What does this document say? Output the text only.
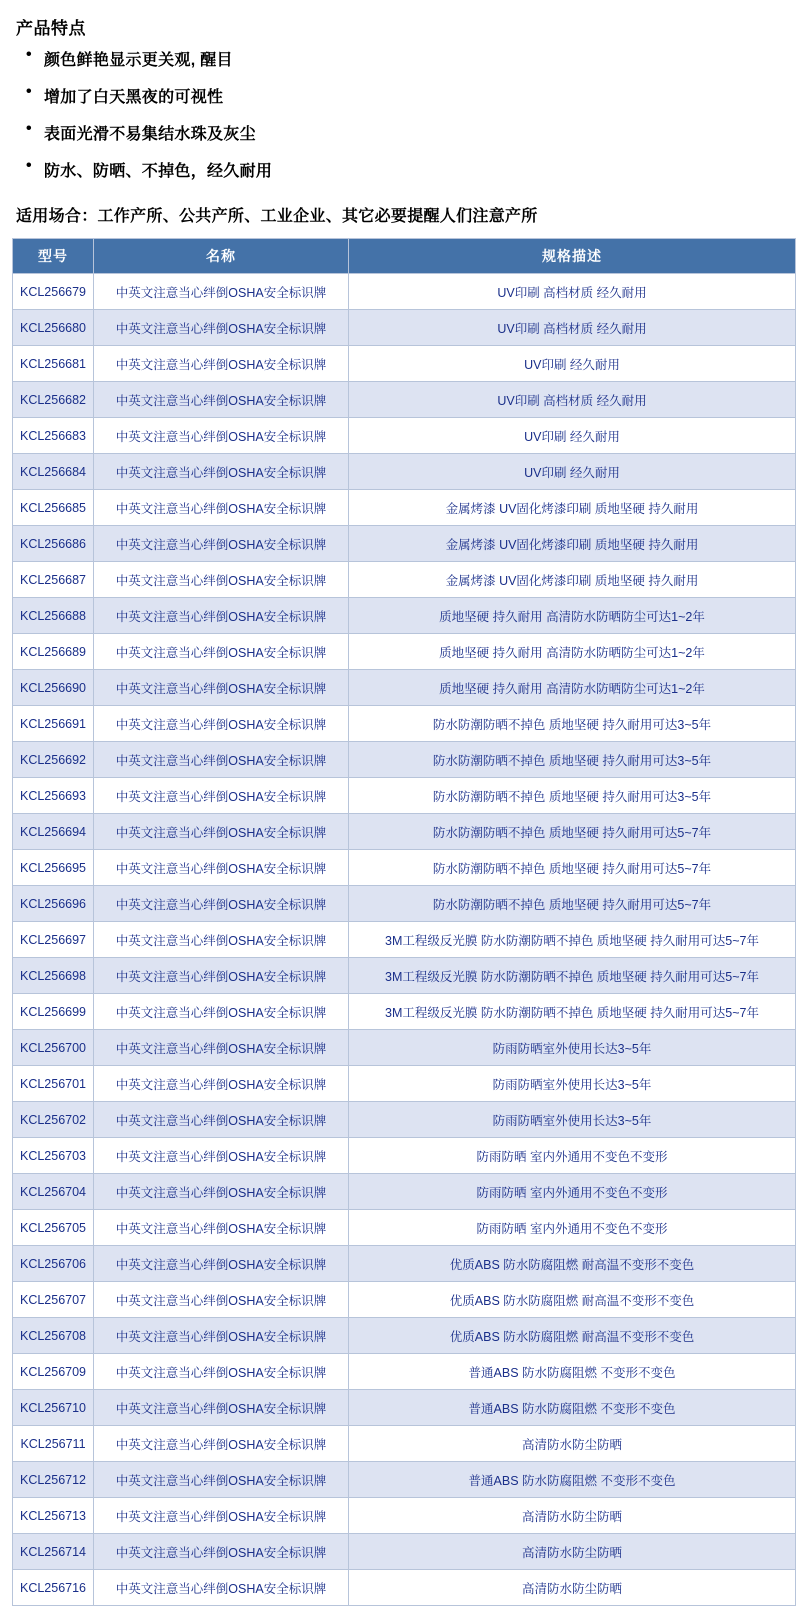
产品特点
• 颜色鲜艳显示更关观, 醒目
• 增加了白天黑夜的可视性
• 表面光滑不易集结水珠及灰尘
• 防水、防晒、不掉色，经久耐用
适用场合：工作产所、公共产所、工业企业、其它必要提醒人们注意产所
型号	名称	规格描述
KCL256679	中英文注意当心绊倒OSHA安全标识牌	UV印刷 高档材质 经久耐用
KCL256680	中英文注意当心绊倒OSHA安全标识牌	UV印刷 高档材质 经久耐用
KCL256681	中英文注意当心绊倒OSHA安全标识牌	UV印刷 经久耐用
KCL256682	中英文注意当心绊倒OSHA安全标识牌	UV印刷 高档材质 经久耐用
KCL256683	中英文注意当心绊倒OSHA安全标识牌	UV印刷 经久耐用
KCL256684	中英文注意当心绊倒OSHA安全标识牌	UV印刷 经久耐用
KCL256685	中英文注意当心绊倒OSHA安全标识牌	金属烤漆 UV固化烤漆印刷 质地坚硬 持久耐用
KCL256686	中英文注意当心绊倒OSHA安全标识牌	金属烤漆 UV固化烤漆印刷 质地坚硬 持久耐用
KCL256687	中英文注意当心绊倒OSHA安全标识牌	金属烤漆 UV固化烤漆印刷 质地坚硬 持久耐用
KCL256688	中英文注意当心绊倒OSHA安全标识牌	质地坚硬 持久耐用 高清防水防晒防尘可达1~2年
KCL256689	中英文注意当心绊倒OSHA安全标识牌	质地坚硬 持久耐用 高清防水防晒防尘可达1~2年
KCL256690	中英文注意当心绊倒OSHA安全标识牌	质地坚硬 持久耐用 高清防水防晒防尘可达1~2年
KCL256691	中英文注意当心绊倒OSHA安全标识牌	防水防潮防晒不掉色 质地坚硬 持久耐用可达3~5年
KCL256692	中英文注意当心绊倒OSHA安全标识牌	防水防潮防晒不掉色 质地坚硬 持久耐用可达3~5年
KCL256693	中英文注意当心绊倒OSHA安全标识牌	防水防潮防晒不掉色 质地坚硬 持久耐用可达3~5年
KCL256694	中英文注意当心绊倒OSHA安全标识牌	防水防潮防晒不掉色 质地坚硬 持久耐用可达5~7年
KCL256695	中英文注意当心绊倒OSHA安全标识牌	防水防潮防晒不掉色 质地坚硬 持久耐用可达5~7年
KCL256696	中英文注意当心绊倒OSHA安全标识牌	防水防潮防晒不掉色 质地坚硬 持久耐用可达5~7年
KCL256697	中英文注意当心绊倒OSHA安全标识牌	3M工程级反光膜 防水防潮防晒不掉色 质地坚硬 持久耐用可达5~7年
KCL256698	中英文注意当心绊倒OSHA安全标识牌	3M工程级反光膜 防水防潮防晒不掉色 质地坚硬 持久耐用可达5~7年
KCL256699	中英文注意当心绊倒OSHA安全标识牌	3M工程级反光膜 防水防潮防晒不掉色 质地坚硬 持久耐用可达5~7年
KCL256700	中英文注意当心绊倒OSHA安全标识牌	防雨防晒室外使用长达3~5年
KCL256701	中英文注意当心绊倒OSHA安全标识牌	防雨防晒室外使用长达3~5年
KCL256702	中英文注意当心绊倒OSHA安全标识牌	防雨防晒室外使用长达3~5年
KCL256703	中英文注意当心绊倒OSHA安全标识牌	防雨防晒 室内外通用不变色不变形
KCL256704	中英文注意当心绊倒OSHA安全标识牌	防雨防晒 室内外通用不变色不变形
KCL256705	中英文注意当心绊倒OSHA安全标识牌	防雨防晒 室内外通用不变色不变形
KCL256706	中英文注意当心绊倒OSHA安全标识牌	优质ABS 防水防腐阻燃 耐高温不变形不变色
KCL256707	中英文注意当心绊倒OSHA安全标识牌	优质ABS 防水防腐阻燃 耐高温不变形不变色
KCL256708	中英文注意当心绊倒OSHA安全标识牌	优质ABS 防水防腐阻燃 耐高温不变形不变色
KCL256709	中英文注意当心绊倒OSHA安全标识牌	普通ABS 防水防腐阻燃 不变形不变色
KCL256710	中英文注意当心绊倒OSHA安全标识牌	普通ABS 防水防腐阻燃 不变形不变色
KCL256711	中英文注意当心绊倒OSHA安全标识牌	高清防水防尘防晒
KCL256712	中英文注意当心绊倒OSHA安全标识牌	普通ABS 防水防腐阻燃 不变形不变色
KCL256713	中英文注意当心绊倒OSHA安全标识牌	高清防水防尘防晒
KCL256714	中英文注意当心绊倒OSHA安全标识牌	高清防水防尘防晒
KCL256716	中英文注意当心绊倒OSHA安全标识牌	高清防水防尘防晒
